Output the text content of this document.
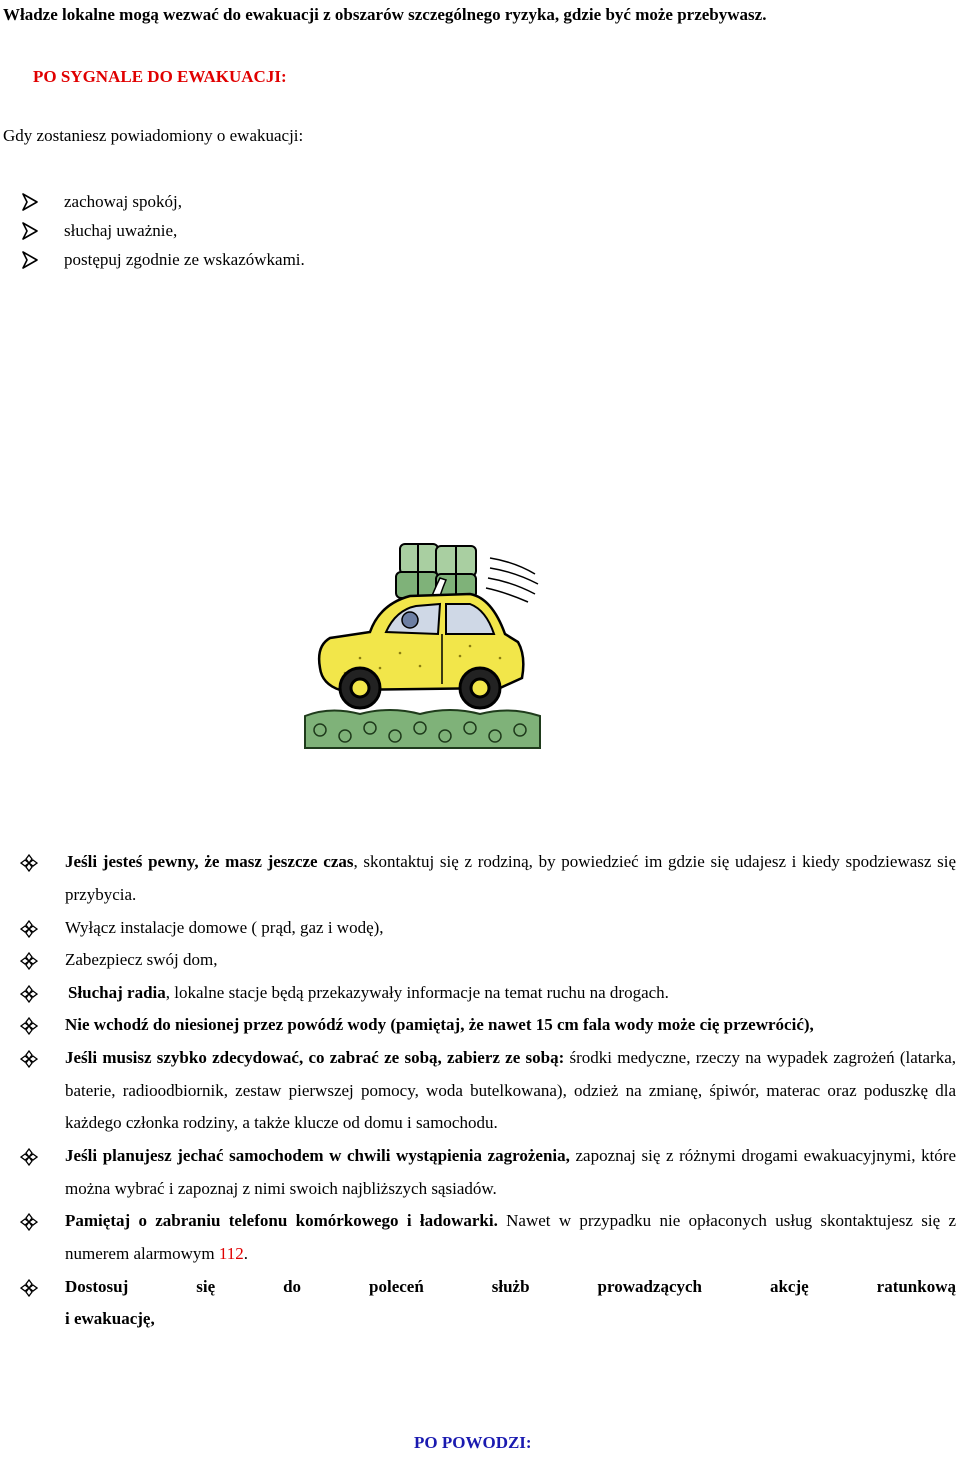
Władze lokalne mogą wezwać do ewakuacji z obszarów szczególnego ryzyka, gdzie być może przebywasz.
PO SYGNALE DO EWAKUACJI:
Gdy zostaniesz powiadomiony o ewakuacji:
zachowaj spokój,
słuchaj uważnie,
postępuj zgodnie ze wskazówkami.
Jeśli jesteś pewny, że masz jeszcze czas, skontaktuj się z rodziną, by powiedzieć im gdzie się udajesz i kiedy spodziewasz się przybycia.
Wyłącz instalacje domowe ( prąd, gaz i wodę),
Zabezpiecz swój dom,
Słuchaj radia, lokalne stacje będą przekazywały informacje na temat ruchu na drogach.
Nie wchodź do niesionej przez powódź wody (pamiętaj, że nawet 15 cm fala wody może cię przewrócić),
Jeśli musisz szybko zdecydować, co zabrać ze sobą, zabierz ze sobą: środki medyczne, rzeczy na wypadek zagrożeń (latarka, baterie, radioodbiornik, zestaw pierwszej pomocy, woda butelkowana), odzież na zmianę, śpiwór, materac oraz poduszkę dla każdego członka rodziny, a także klucze od domu i samochodu.
Jeśli planujesz jechać samochodem w chwili wystąpienia zagrożenia, zapoznaj się z różnymi drogami ewakuacyjnymi, które można wybrać i zapoznaj z nimi swoich najbliższych sąsiadów.
Pamiętaj o zabraniu telefonu komórkowego i ładowarki. Nawet w przypadku nie opłaconych usług skontaktujesz się z numerem alarmowym 112.
Dostosuj się do poleceń służb prowadzących akcję ratunkową
i ewakuację,
PO POWODZI:
